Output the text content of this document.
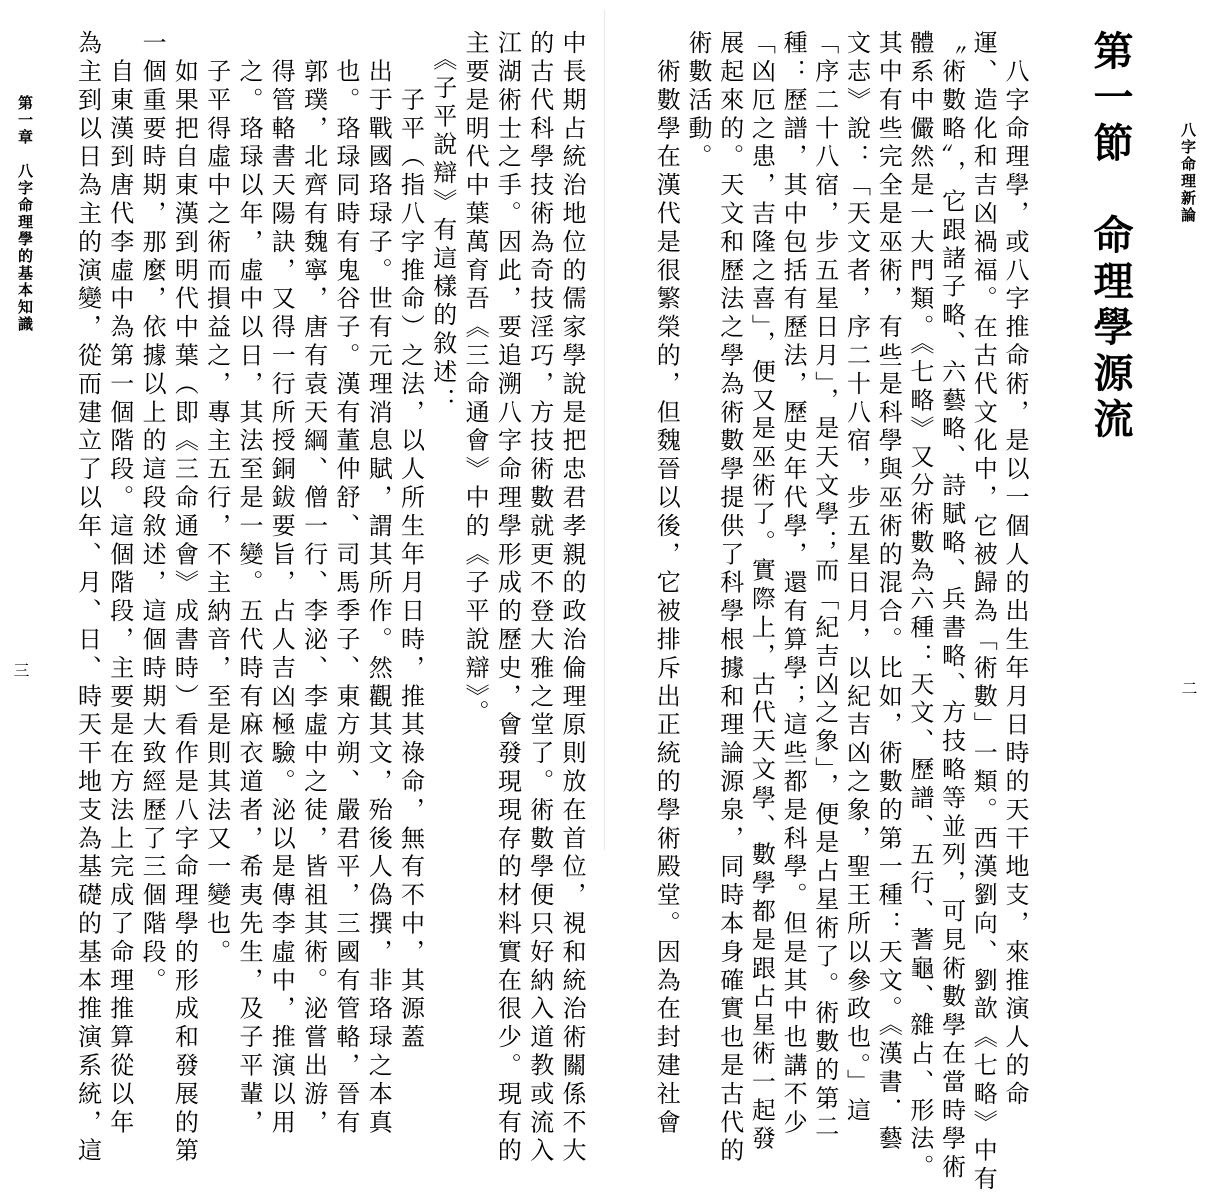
八字命理新論
二
第一節　命理學源流
　八字命理學，或八字推命術，是以一個人的出生年月日時的天干地支，來推演人的命
運、造化和吉凶禍福。在古代文化中，它被歸為「術數」一類。西漢劉向、劉歆《七略》中有
〝術數略〞，它跟諸子略、六藝略、詩賦略、兵書略、方技略等並列，可見術數學在當時學術
體系中儼然是一大門類。《七略》又分術數為六種：天文、歷譜、五行、蓍龜、雜占、形法。
其中有些完全是巫術，有些是科學與巫術的混合。比如，術數的第一種：天文。《漢書．藝
文志》說：「天文者，序二十八宿，步五星日月，以紀吉凶之象，聖王所以參政也。」這
「序二十八宿，步五星日月」，是天文學；而「紀吉凶之象」，便是占星術了。術數的第二
種：歷譜，其中包括有歷法，歷史年代學，還有算學；這些都是科學。但是其中也講不少
「凶厄之患，吉隆之喜」，便又是巫術了。實際上，古代天文學、數學都是跟占星術一起發
展起來的。天文和歷法之學為術數學提供了科學根據和理論源泉，同時本身確實也是古代的
術數活動。
　術數學在漢代是很繁榮的，但魏晉以後，它被排斥出正統的學術殿堂。因為在封建社會
中長期占統治地位的儒家學說是把忠君孝親的政治倫理原則放在首位，視和統治術關係不大
的古代科學技術為奇技淫巧，方技術數就更不登大雅之堂了。術數學便只好納入道教或流入
江湖術士之手。因此，要追溯八字命理學形成的歷史，會發現現存的材料實在很少。現有的
主要是明代中葉萬育吾《三命通會》中的《子平說辯》。
　《子平說辯》有這樣的敘述：
　　子平（指八字推命）之法，以人所生年月日時，推其祿命，無有不中，其源蓋
　出于戰國珞琭子。世有元理消息賦，謂其所作。然觀其文，殆後人偽撰，非珞琭之本真
　也。珞琭同時有鬼谷子。漢有董仲舒、司馬季子、東方朔、嚴君平，三國有管輅，晉有
　郭璞，北齊有魏寧，唐有袁天綱、僧一行、李泌、李虛中之徒，皆祖其術。泌嘗出游，
　得管輅書天陽訣，又得一行所授銅鈸要旨，占人吉凶極驗。泌以是傳李虛中，推演以用
　之。珞琭以年，虛中以日，其法至是一變。五代時有麻衣道者，希夷先生，及子平輩，
　子平得虛中之術而損益之，專主五行，不主納音，至是則其法又一變也。
　如果把自東漢到明代中葉（即《三命通會》成書時）看作是八字命理學的形成和發展的第
一個重要時期，那麼，依據以上的這段敘述，這個時期大致經歷了三個階段。
　自東漢到唐代李虛中為第一個階段。這個階段，主要是在方法上完成了命理推算從以年
為主到以日為主的演變，從而建立了以年、月、日、時天干地支為基礎的基本推演系統，這
第一章　八字命理學的基本知識
三
